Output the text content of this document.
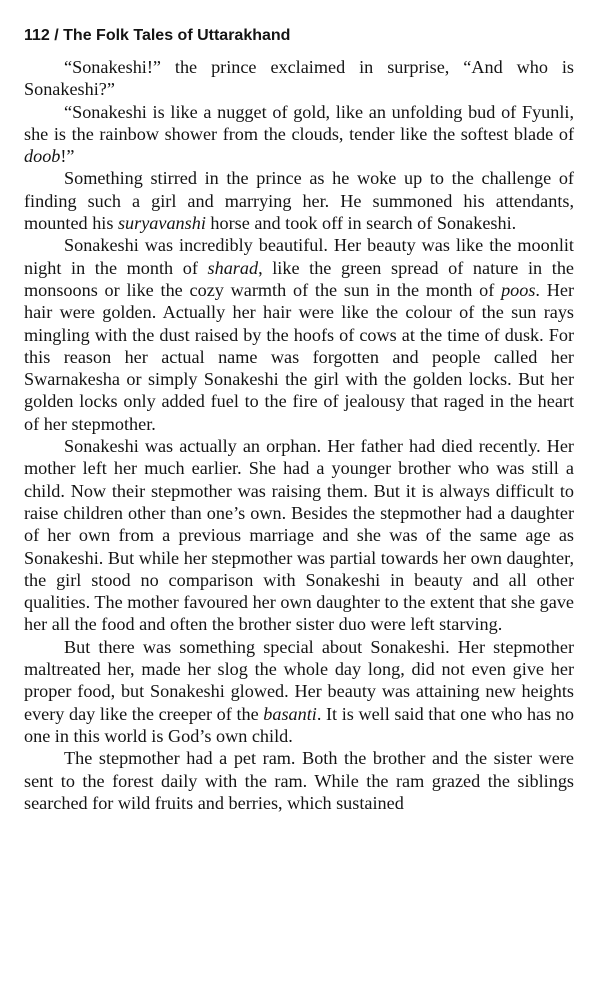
112 / The Folk Tales of Uttarakhand

“Sonakeshi!” the prince exclaimed in surprise, “And who is Sonakeshi?”

“Sonakeshi is like a nugget of gold, like an unfolding bud of Fyunli, she is the rainbow shower from the clouds, tender like the softest blade of doob!”

Something stirred in the prince as he woke up to the challenge of finding such a girl and marrying her. He summoned his attendants, mounted his suryavanshi horse and took off in search of Sonakeshi.

Sonakeshi was incredibly beautiful. Her beauty was like the moonlit night in the month of sharad, like the green spread of nature in the monsoons or like the cozy warmth of the sun in the month of poos. Her hair were golden. Actually her hair were like the colour of the sun rays mingling with the dust raised by the hoofs of cows at the time of dusk. For this reason her actual name was forgotten and people called her Swarnakesha or simply Sonakeshi the girl with the golden locks. But her golden locks only added fuel to the fire of jealousy that raged in the heart of her stepmother.

Sonakeshi was actually an orphan. Her father had died recently. Her mother left her much earlier. She had a younger brother who was still a child. Now their stepmother was raising them. But it is always difficult to raise children other than one’s own. Besides the stepmother had a daughter of her own from a previous marriage and she was of the same age as Sonakeshi. But while her stepmother was partial towards her own daughter, the girl stood no comparison with Sonakeshi in beauty and all other qualities. The mother favoured her own daughter to the extent that she gave her all the food and often the brother sister duo were left starving.

But there was something special about Sonakeshi. Her stepmother maltreated her, made her slog the whole day long, did not even give her proper food, but Sonakeshi glowed. Her beauty was attaining new heights every day like the creeper of the basanti. It is well said that one who has no one in this world is God’s own child.

The stepmother had a pet ram. Both the brother and the sister were sent to the forest daily with the ram. While the ram grazed the siblings searched for wild fruits and berries, which sustained
